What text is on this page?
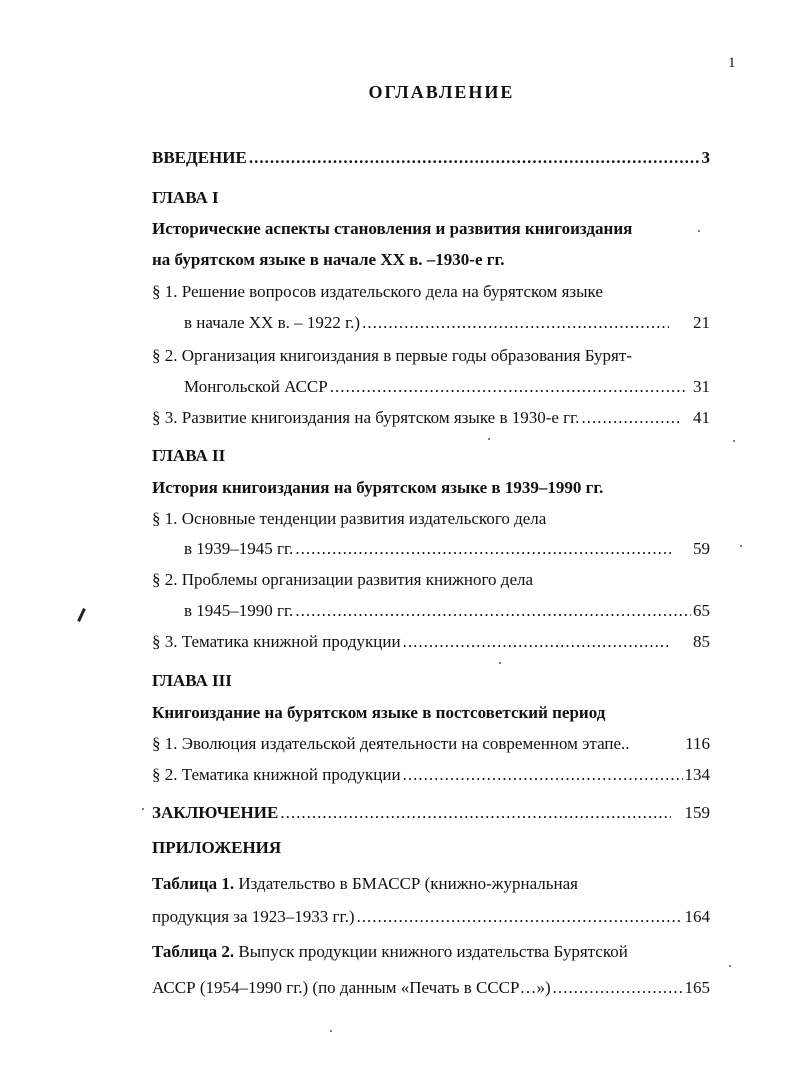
1
ОГЛАВЛЕНИЕ
ВВЕДЕНИЕ .....	3
ГЛАВА I
Исторические аспекты становления и развития книгоиздания
на бурятском языке в начале XX в. –1930-е гг.
§ 1. Решение вопросов издательского дела на бурятском языке
в начале XX в. – 1922 г.) .....	21
§ 2. Организация книгоиздания в первые годы образования Бурят-
Монгольской АССР .....	31
§ 3. Развитие книгоиздания на бурятском языке в 1930-е гг. .....	41
ГЛАВА II
История книгоиздания на бурятском языке в 1939–1990 гг.
§ 1. Основные тенденции развития издательского дела
в 1939–1945 гг. .....	59
§ 2. Проблемы организации развития книжного дела
в 1945–1990 гг. .....	65
§ 3. Тематика книжной продукции .....	85
ГЛАВА III
Книгоиздание на бурятском языке в постсоветский период
§ 1. Эволюция издательской деятельности на современном этапе..	116
§ 2. Тематика книжной продукции .....	134
ЗАКЛЮЧЕНИЕ .....	159
ПРИЛОЖЕНИЯ
Таблица 1. Издательство в БМАССР (книжно-журнальная
продукция за 1923–1933 гг.) .....	164
Таблица 2. Выпуск продукции книжного издательства Бурятской
АССР (1954–1990 гг.) (по данным «Печать в СССР…») .....	165
